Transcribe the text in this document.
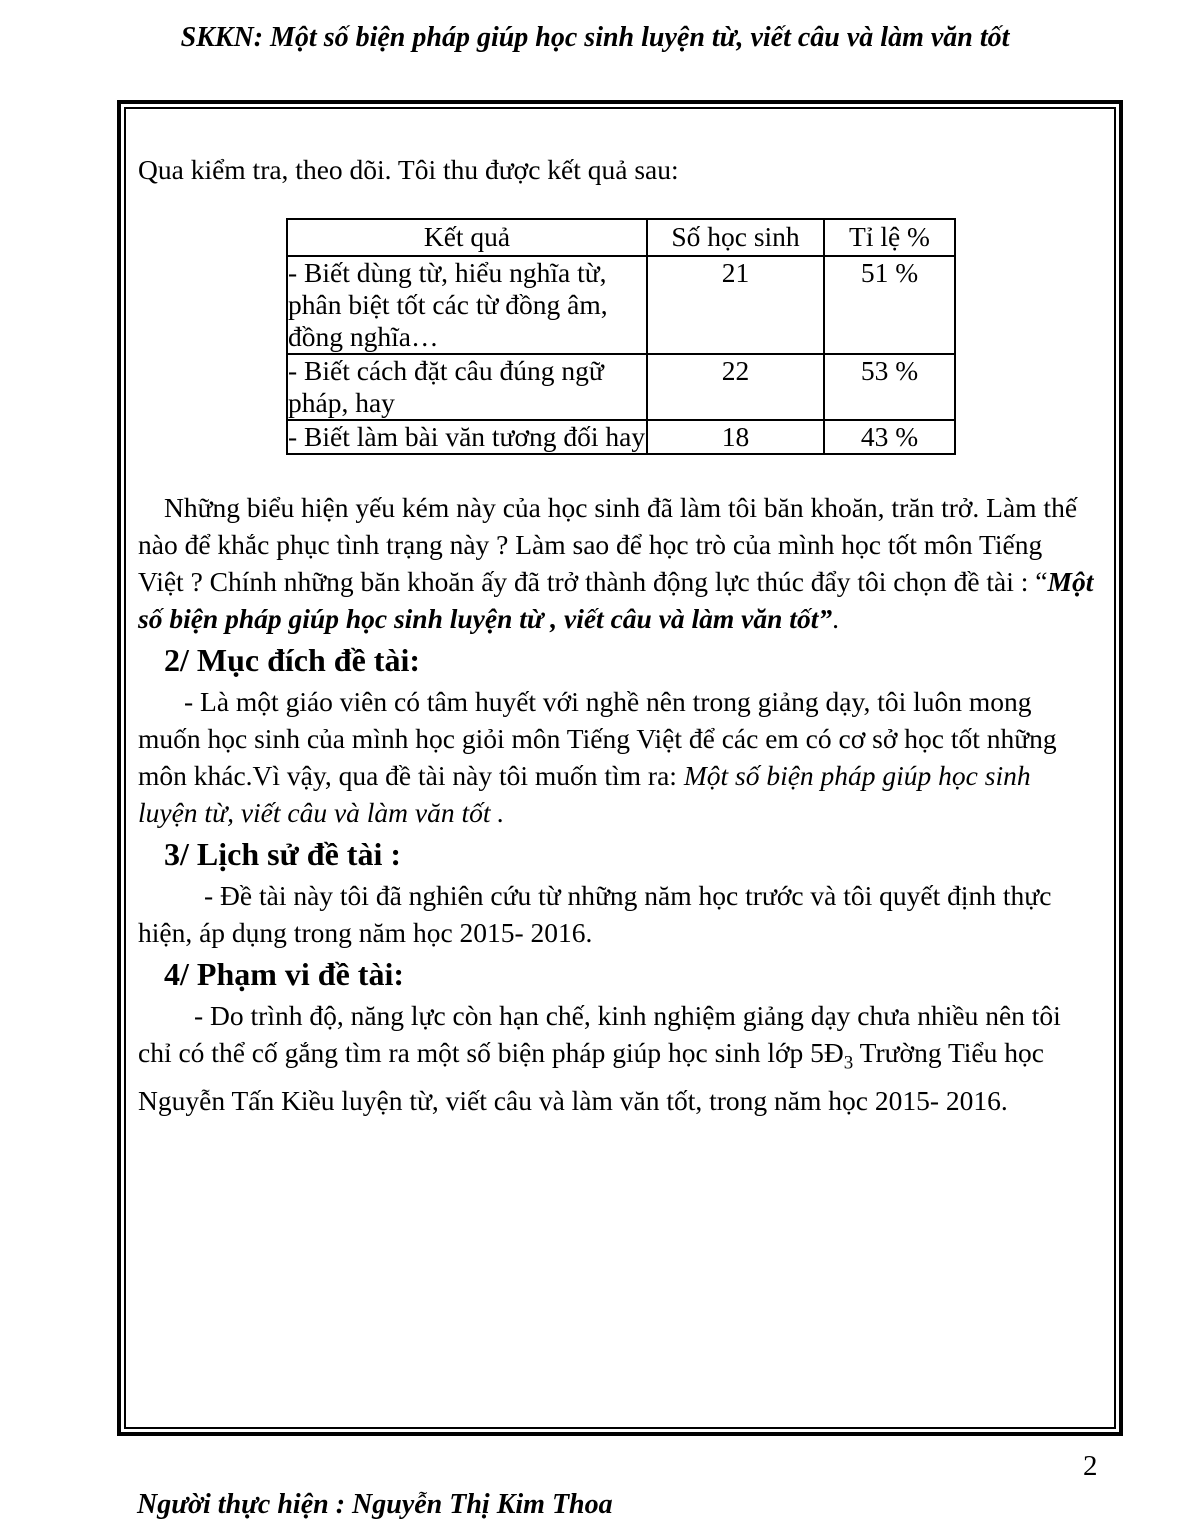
SKKN: Một số biện pháp giúp học sinh luyện từ, viết câu và làm văn tốt

Qua kiểm tra, theo dõi. Tôi thu được kết quả sau:

Kết quả	Số học sinh	Tỉ lệ %
- Biết dùng từ, hiểu nghĩa từ, phân biệt tốt các từ đồng âm, đồng nghĩa…	21	51 %
- Biết cách đặt câu đúng ngữ pháp, hay	22	53 %
- Biết làm bài văn tương đối hay	18	43 %

Những biểu hiện yếu kém này của học sinh đã làm tôi băn khoăn, trăn trở. Làm thế nào để khắc phục tình trạng này ? Làm sao để học trò của mình học tốt môn Tiếng Việt ? Chính những băn khoăn ấy đã trở thành động lực thúc đẩy tôi chọn đề tài : “Một số biện pháp giúp học sinh luyện từ , viết câu và làm văn tốt”.

2/ Mục đích đề tài:

- Là một giáo viên có tâm huyết với nghề nên trong giảng dạy, tôi luôn mong muốn học sinh của mình học giỏi môn Tiếng Việt để các em có cơ sở học tốt những môn khác.Vì vậy, qua đề tài này tôi muốn tìm ra: Một số biện pháp giúp học sinh luyện từ, viết câu và làm văn tốt .

3/ Lịch sử đề tài :

- Đề tài này tôi đã nghiên cứu từ những năm học trước và tôi quyết định thực hiện, áp dụng trong năm học 2015- 2016.

4/ Phạm vi đề tài:

- Do trình độ, năng lực còn hạn chế, kinh nghiệm giảng dạy chưa nhiều nên tôi chỉ có thể cố gắng tìm ra một số biện pháp giúp học sinh lớp $5Đ_3$ Trường Tiểu học Nguyễn Tấn Kiều luyện từ, viết câu và làm văn tốt, trong năm học 2015- 2016.

2
Người thực hiện : Nguyễn Thị Kim Thoa
